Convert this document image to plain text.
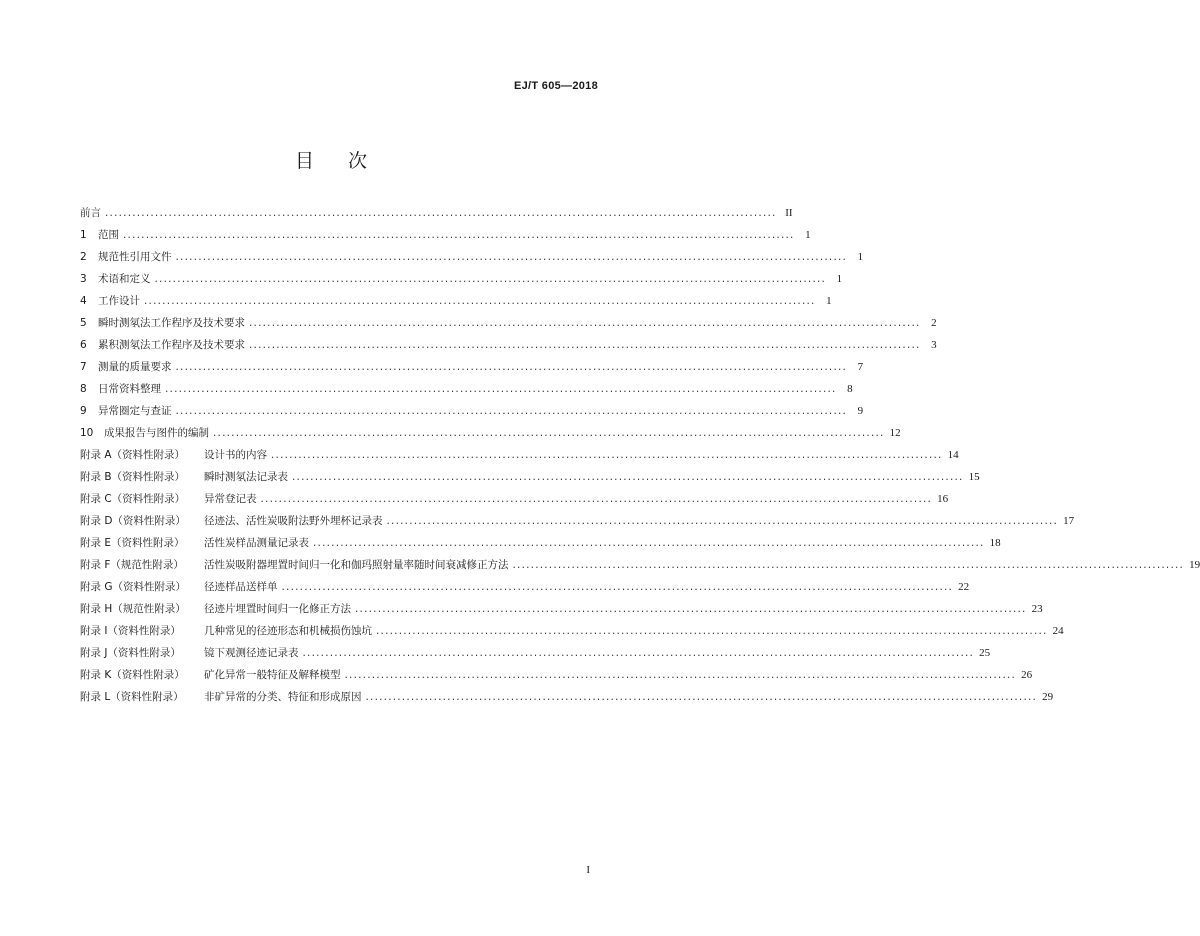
EJ/T 605—2018
目 次
前言 .................................................................................................................................................... II
1	范围 .................................................................................................................................................... 1
2	规范性引用文件 .................................................................................................................................................... 1
3	术语和定义 .................................................................................................................................................... 1
4	工作设计 .................................................................................................................................................... 1
5	瞬时测氡法工作程序及技术要求 .................................................................................................................................................... 2
6	累积测氡法工作程序及技术要求 .................................................................................................................................................... 3
7	测量的质量要求 .................................................................................................................................................... 7
8	日常资料整理 .................................................................................................................................................... 8
9	异常圈定与查证 .................................................................................................................................................... 9
10	成果报告与图件的编制 .................................................................................................................................................... 12
附录 A（资料性附录）	设计书的内容 .................................................................................................................................................... 14
附录 B（资料性附录）	瞬时测氡法记录表 .................................................................................................................................................... 15
附录 C（资料性附录）	异常登记表 .................................................................................................................................................... 16
附录 D（资料性附录）	径迹法、活性炭吸附法野外埋杯记录表 .................................................................................................................................................... 17
附录 E（资料性附录）	活性炭样品测量记录表 .................................................................................................................................................... 18
附录 F（规范性附录）	活性炭吸附器埋置时间归一化和伽玛照射量率随时间衰减修正方法 .................................................................................................................................................... 19
附录 G（资料性附录）	径迹样品送样单 .................................................................................................................................................... 22
附录 H（规范性附录）	径迹片埋置时间归一化修正方法 .................................................................................................................................................... 23
附录 I（资料性附录）	几种常见的径迹形态和机械损伤蚀坑 .................................................................................................................................................... 24
附录 J（资料性附录）	镜下观测径迹记录表 .................................................................................................................................................... 25
附录 K（资料性附录）	矿化异常一般特征及解释模型 .................................................................................................................................................... 26
附录 L（资料性附录）	非矿异常的分类、特征和形成原因 .................................................................................................................................................... 29
I
